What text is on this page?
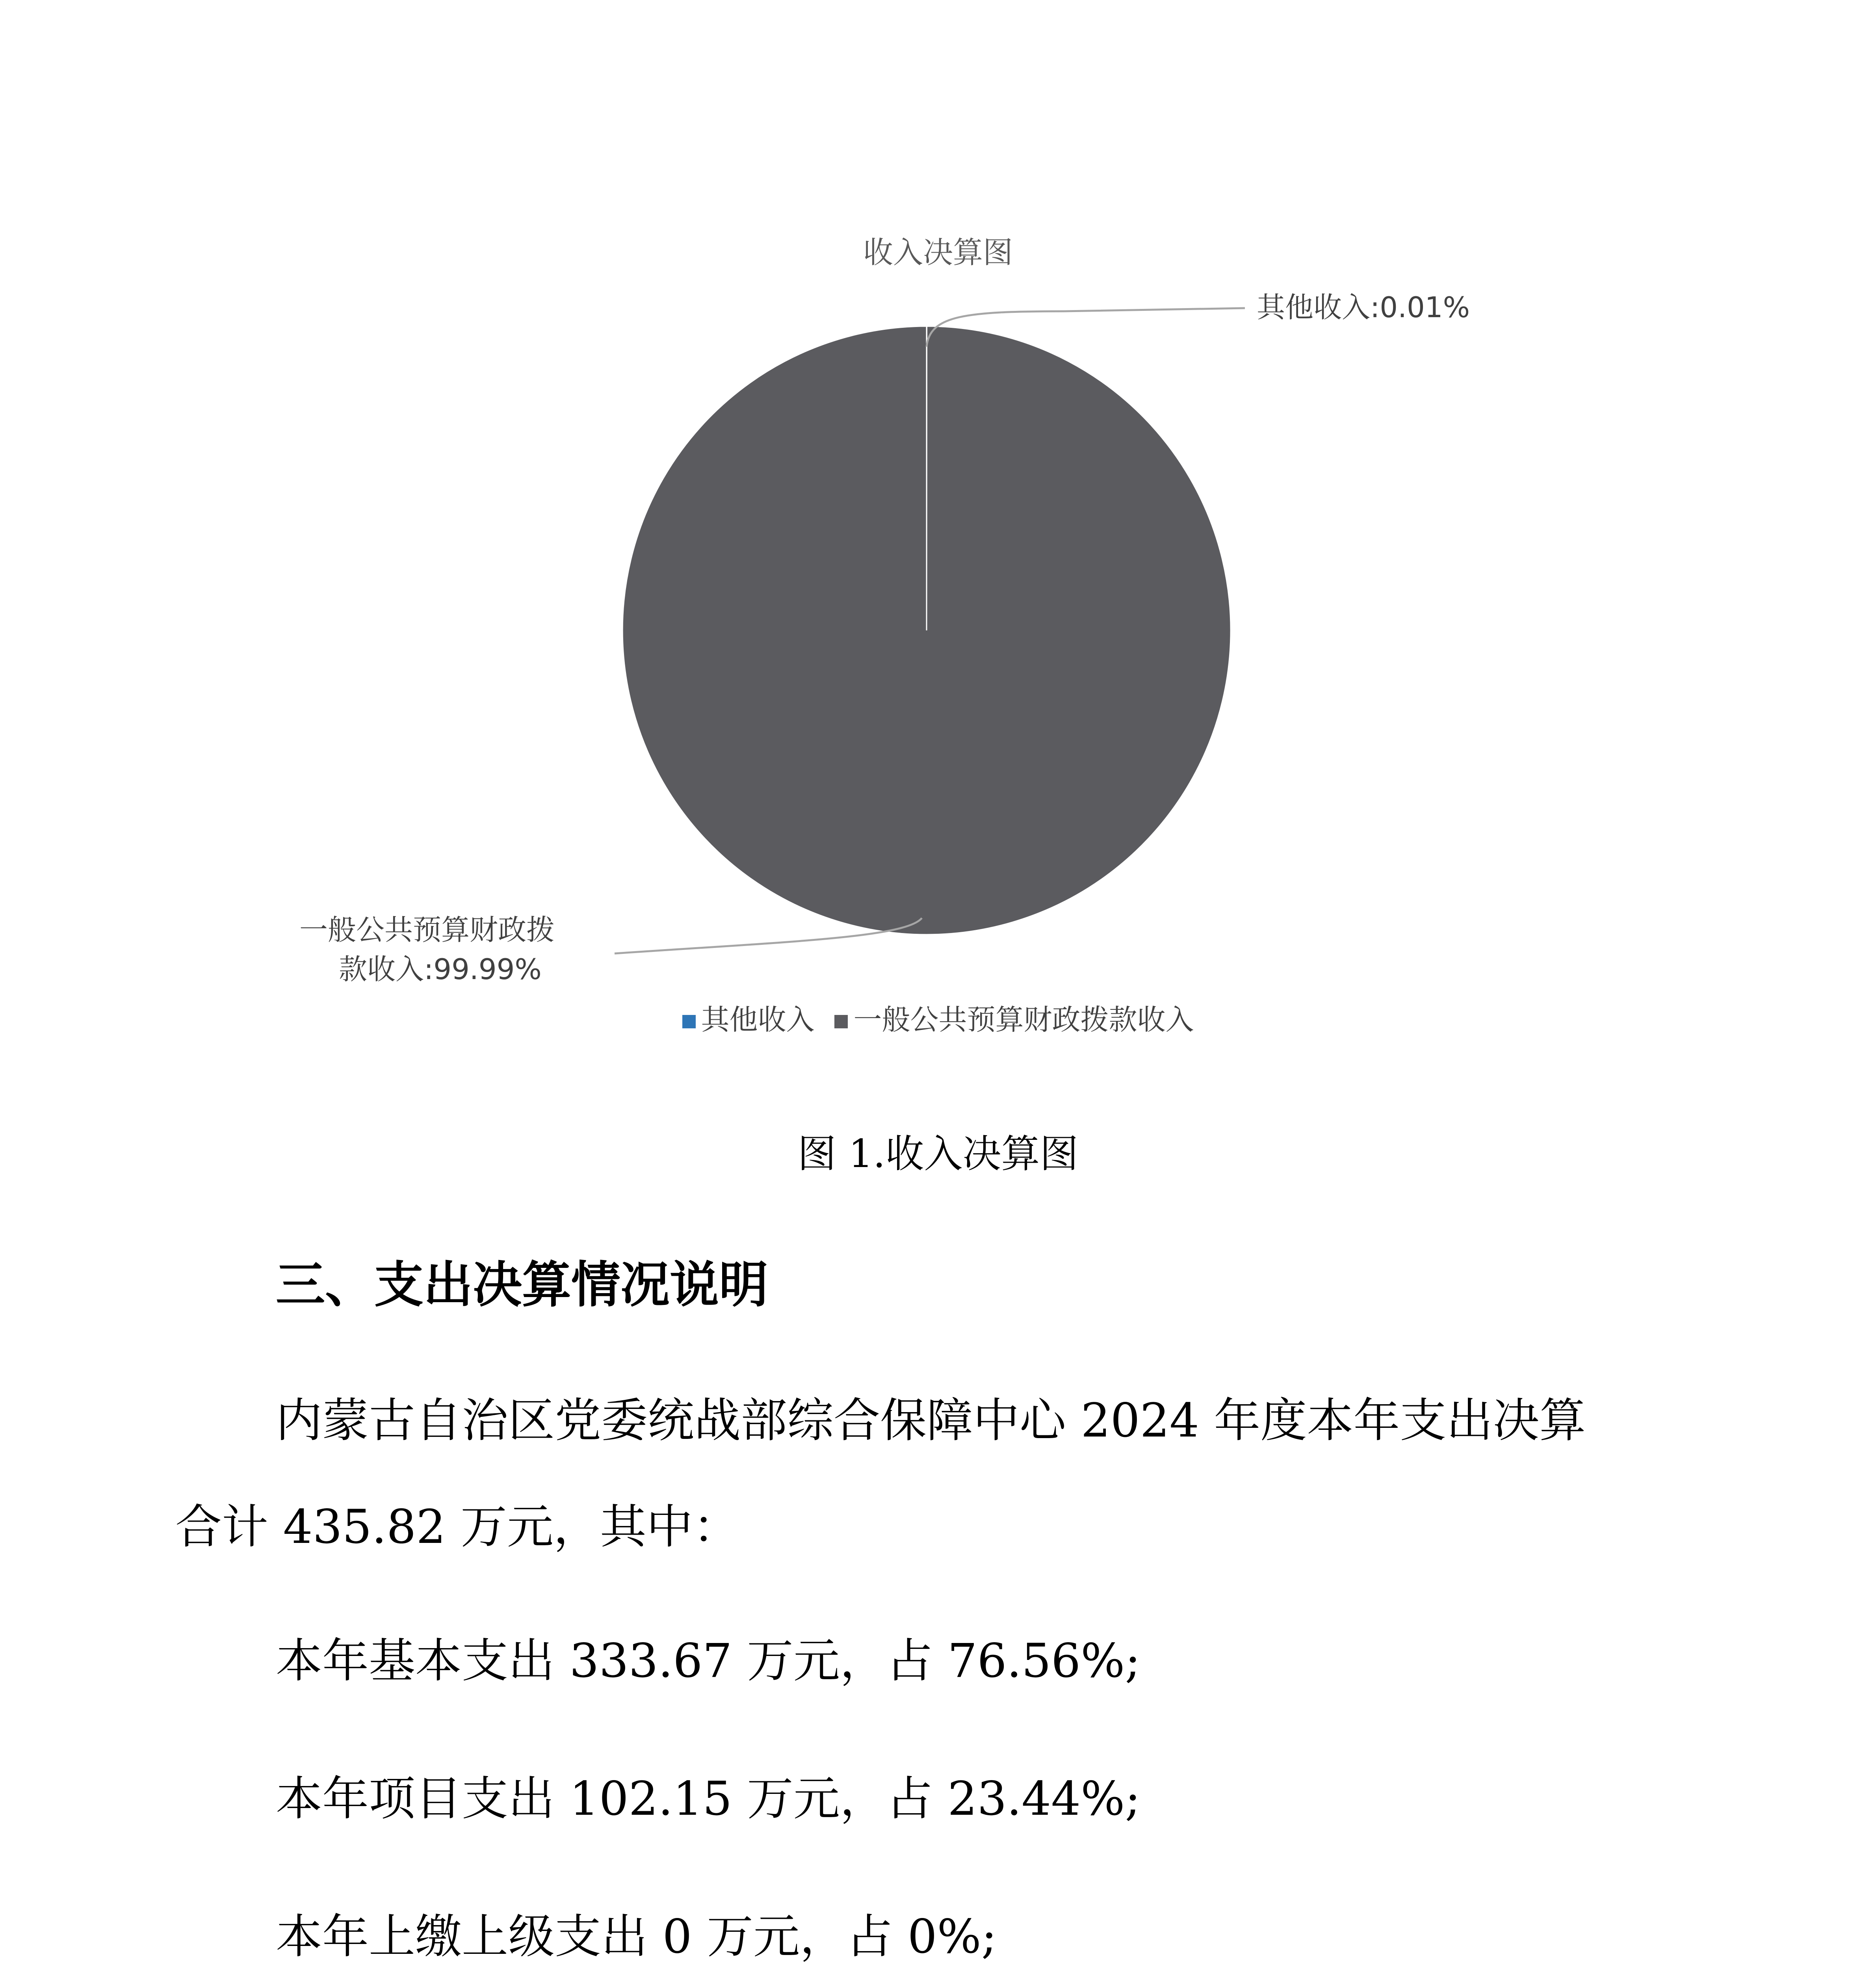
收入决算图
其他收入:0.01%
一般公共预算财政拨
款收入:99.99%
其他收入 一般公共预算财政拨款收入
图 1.收入决算图
三、支出决算情况说明
内蒙古自治区党委统战部综合保障中心 2024 年度本年支出决算
合计 435.82 万元，其中：
本年基本支出 333.67 万元，占 76.56%;
本年项目支出 102.15 万元，占 23.44%;
本年上缴上级支出 0 万元，占 0%;
